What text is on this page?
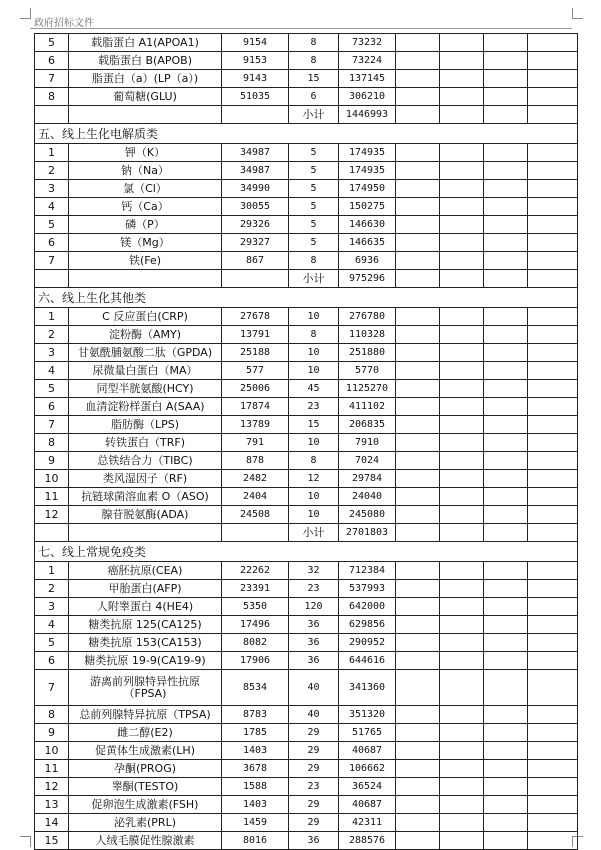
政府招标文件
5	载脂蛋白 A1(APOA1)	9154	8	73232				
6	载脂蛋白 B(APOB)	9153	8	73224				
7	脂蛋白（a）(LP（a）)	9143	15	137145				
8	葡萄糖(GLU)	51035	6	306210				
			小计	1446993				
五、线上生化电解质类								
1	钾（K）	34987	5	174935				
2	钠（Na）	34987	5	174935				
3	氯（Cl）	34990	5	174950				
4	钙（Ca）	30055	5	150275				
5	磷（P）	29326	5	146630				
6	镁（Mg）	29327	5	146635				
7	铁(Fe)	867	8	6936				
			小计	975296				
六、线上生化其他类								
1	C 反应蛋白(CRP)	27678	10	276780				
2	淀粉酶（AMY)	13791	8	110328				
3	甘氨酰脯氨酸二肽（GPDA)	25188	10	251880				
4	尿微量白蛋白（MA）	577	10	5770				
5	同型半胱氨酸(HCY)	25006	45	1125270				
6	血清淀粉样蛋白 A(SAA)	17874	23	411102				
7	脂肪酶（LPS)	13789	15	206835				
8	转铁蛋白（TRF)	791	10	7910				
9	总铁结合力（TIBC)	878	8	7024				
10	类风湿因子（RF)	2482	12	29784				
11	抗链球菌溶血素 O（ASO)	2404	10	24040				
12	腺苷脱氨酶(ADA)	24508	10	245080				
			小计	2701803				
七、线上常规免疫类								
1	癌胚抗原(CEA)	22262	32	712384				
2	甲胎蛋白(AFP)	23391	23	537993				
3	人附睾蛋白 4(HE4)	5350	120	642000				
4	糖类抗原 125(CA125)	17496	36	629856				
5	糖类抗原 153(CA153)	8082	36	290952				
6	糖类抗原 19-9(CA19-9)	17906	36	644616				
7	游离前列腺特异性抗原（FPSA)	8534	40	341360				
8	总前列腺特异抗原（TPSA)	8783	40	351320				
9	雌二醇(E2)	1785	29	51765				
10	促黄体生成激素(LH)	1403	29	40687				
11	孕酮(PROG)	3678	29	106662				
12	睾酮(TESTO)	1588	23	36524				
13	促卵泡生成激素(FSH)	1403	29	40687				
14	泌乳素(PRL)	1459	29	42311				
15	人绒毛膜促性腺激素	8016	36	288576				
